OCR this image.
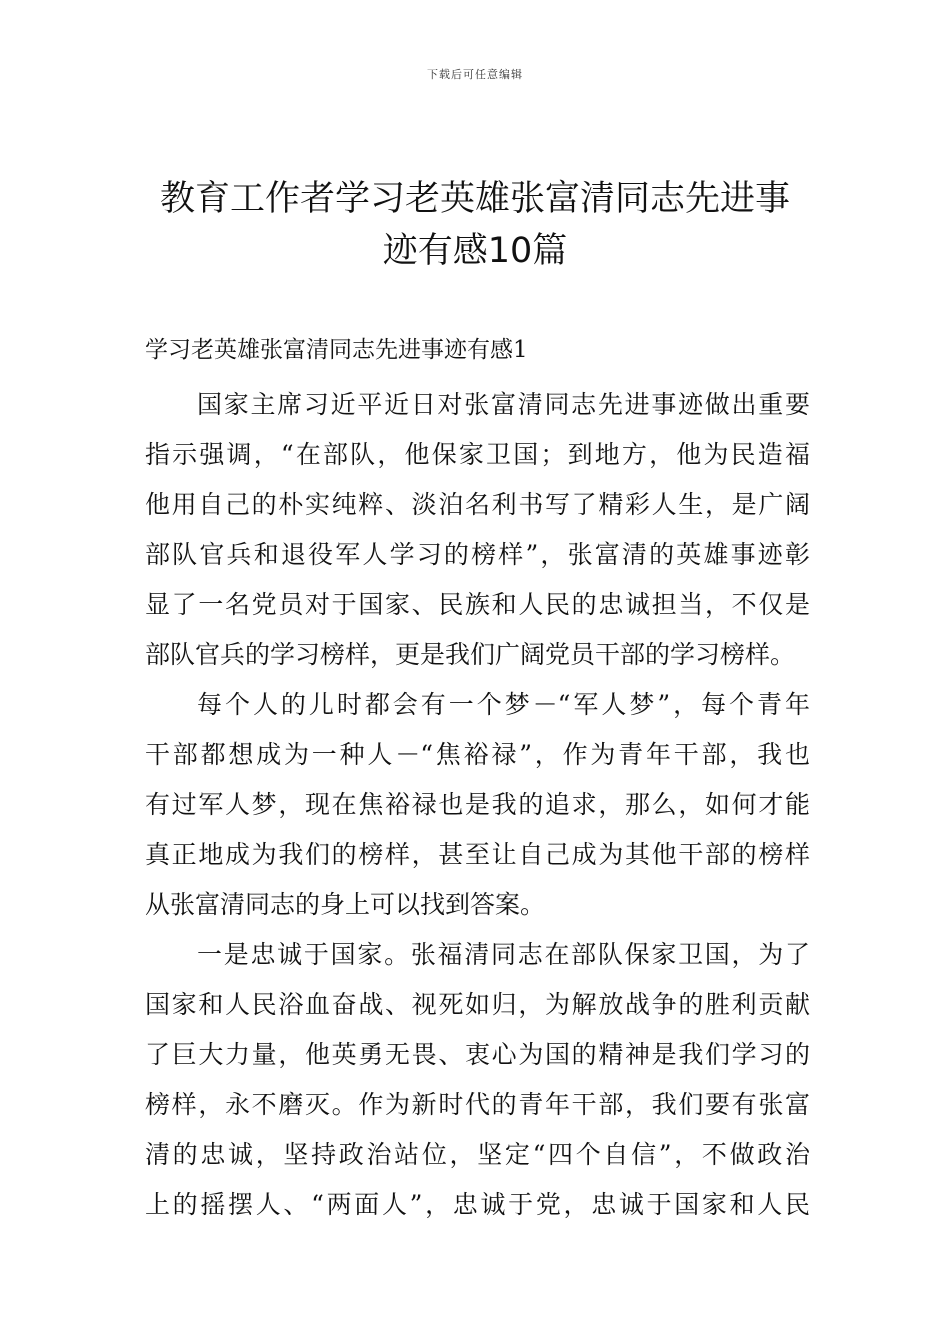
下载后可任意编辑
教育工作者学习老英雄张富清同志先进事
迹有感10篇
学习老英雄张富清同志先进事迹有感1

国家主席习近平近日对张富清同志先进事迹做出重要
指示强调，“在部队，他保家卫国；到地方，他为民造福
他用自己的朴实纯粹、淡泊名利书写了精彩人生，是广阔
部队官兵和退役军人学习的榜样”，张富清的英雄事迹彰
显了一名党员对于国家、民族和人民的忠诚担当，不仅是
部队官兵的学习榜样，更是我们广阔党员干部的学习榜样。

每个人的儿时都会有一个梦－“军人梦”，每个青年
干部都想成为一种人－“焦裕禄”，作为青年干部，我也
有过军人梦，现在焦裕禄也是我的追求，那么，如何才能
真正地成为我们的榜样，甚至让自己成为其他干部的榜样
从张富清同志的身上可以找到答案。

一是忠诚于国家。张福清同志在部队保家卫国，为了
国家和人民浴血奋战、视死如归，为解放战争的胜利贡献
了巨大力量，他英勇无畏、衷心为国的精神是我们学习的
榜样，永不磨灭。作为新时代的青年干部，我们要有张富
清的忠诚，坚持政治站位，坚定“四个自信”，不做政治
上的摇摆人、“两面人”，忠诚于党，忠诚于国家和人民
